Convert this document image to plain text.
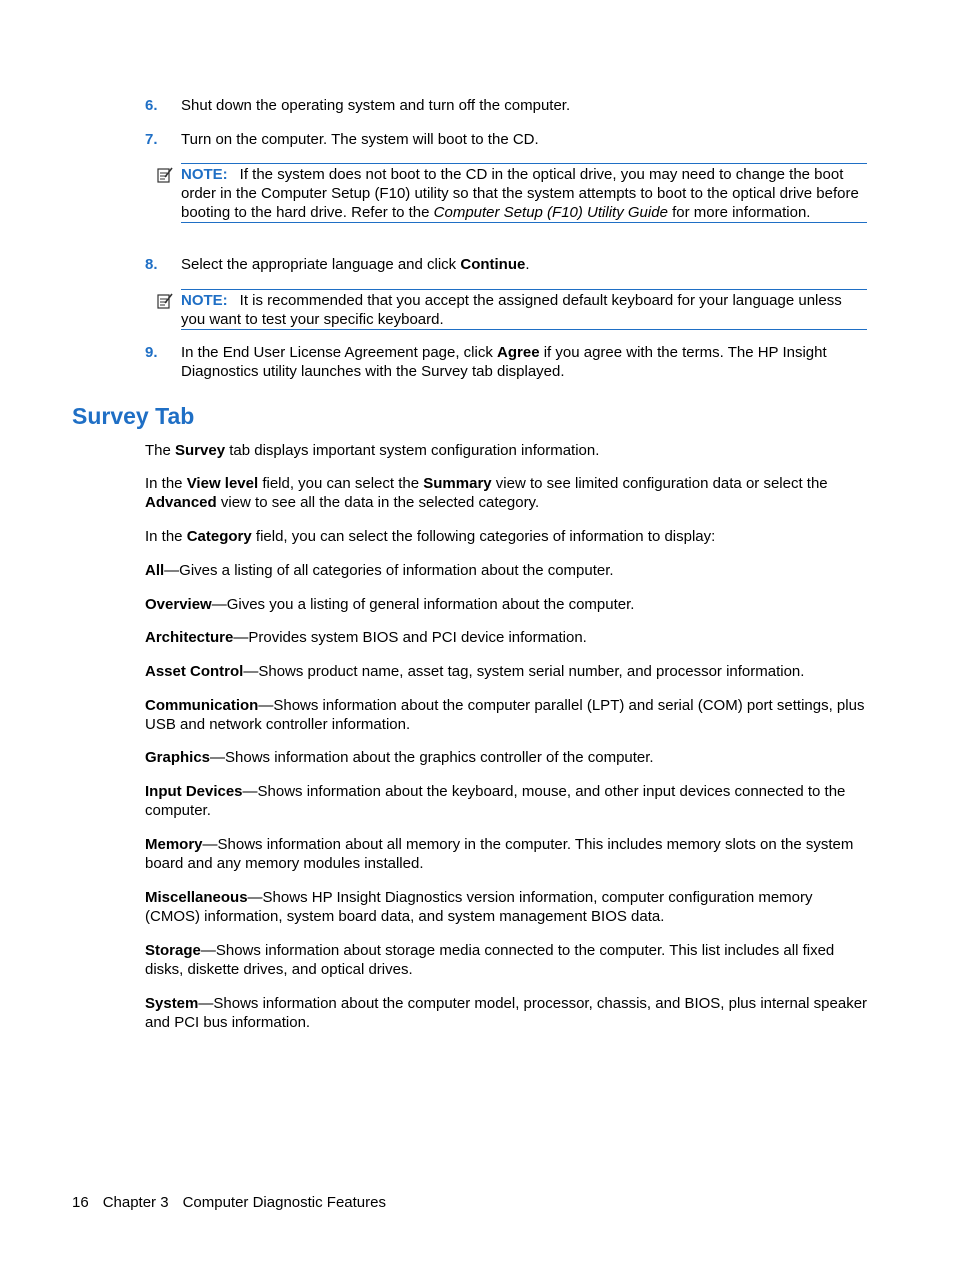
6. Shut down the operating system and turn off the computer.
7. Turn on the computer. The system will boot to the CD.
NOTE: If the system does not boot to the CD in the optical drive, you may need to change the boot order in the Computer Setup (F10) utility so that the system attempts to boot to the optical drive before booting to the hard drive. Refer to the Computer Setup (F10) Utility Guide for more information.
8. Select the appropriate language and click Continue.
NOTE: It is recommended that you accept the assigned default keyboard for your language unless you want to test your specific keyboard.
9. In the End User License Agreement page, click Agree if you agree with the terms. The HP Insight Diagnostics utility launches with the Survey tab displayed.
Survey Tab
The Survey tab displays important system configuration information.
In the View level field, you can select the Summary view to see limited configuration data or select the Advanced view to see all the data in the selected category.
In the Category field, you can select the following categories of information to display:
All—Gives a listing of all categories of information about the computer.
Overview—Gives you a listing of general information about the computer.
Architecture—Provides system BIOS and PCI device information.
Asset Control—Shows product name, asset tag, system serial number, and processor information.
Communication—Shows information about the computer parallel (LPT) and serial (COM) port settings, plus USB and network controller information.
Graphics—Shows information about the graphics controller of the computer.
Input Devices—Shows information about the keyboard, mouse, and other input devices connected to the computer.
Memory—Shows information about all memory in the computer. This includes memory slots on the system board and any memory modules installed.
Miscellaneous—Shows HP Insight Diagnostics version information, computer configuration memory (CMOS) information, system board data, and system management BIOS data.
Storage—Shows information about storage media connected to the computer. This list includes all fixed disks, diskette drives, and optical drives.
System—Shows information about the computer model, processor, chassis, and BIOS, plus internal speaker and PCI bus information.
16 Chapter 3 Computer Diagnostic Features
